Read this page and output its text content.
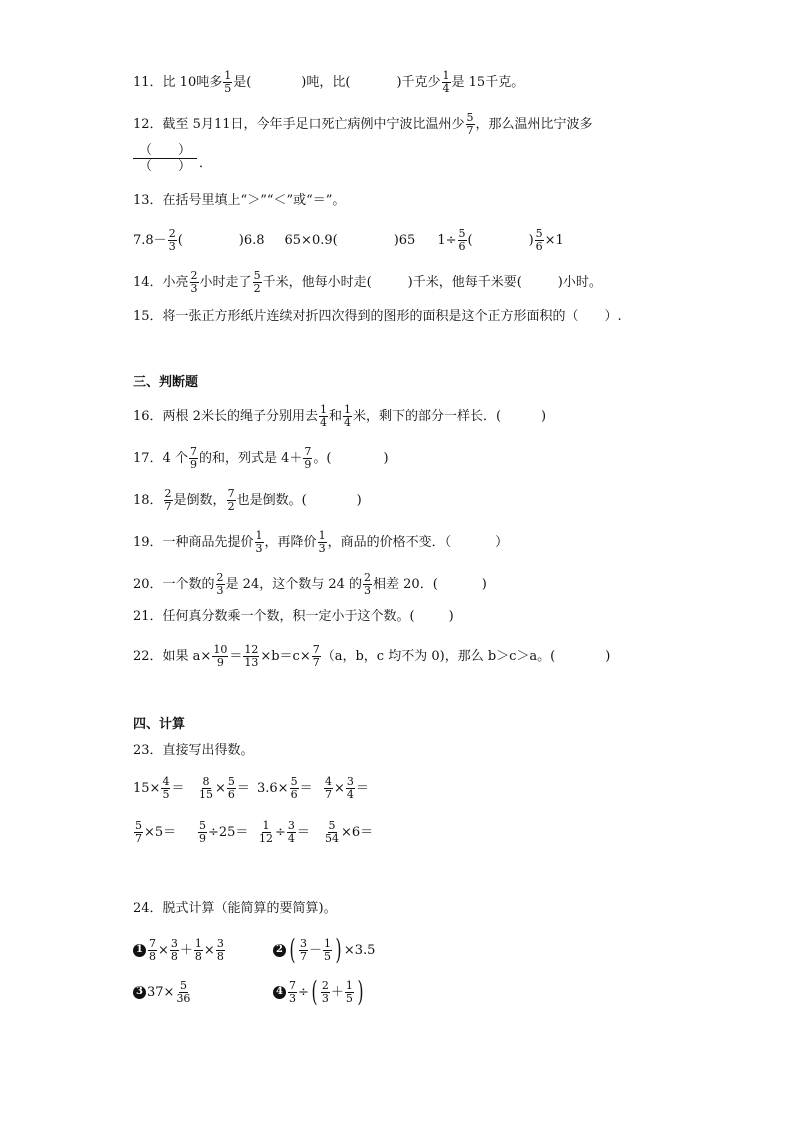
11．比 10吨多 1
5 是(	)吨，比(	)千克少 1
4 是 15千克。
12．截至 5月11日，今年手足口死亡病例中宁波比温州少 5
7 ，那么温州比宁波多
（　　）
（　　） ．
13．在括号里填上“＞”“＜”或“＝”。
7.8－ 2
3 (	)6.8 65×0.9(	)65 $1\div \frac{5}{6}$ (	) $\frac{5}{6} \times 1$
14．小亮 2
3 小时走了 5
2 千米，他每小时走(	)千米，他每千米要(	)小时。
15．将一张正方形纸片连续对折四次得到的图形的面积是这个正方形面积的（　　）.
三、判断题
16．两根 2米长的绳子分别用去 1
4 和 1
4 米，剩下的部分一样长．(	)
17．4 个 7
9 的和，列式是 4＋ 7
9 。(	)
18． 2
7 是倒数， 7
2 也是倒数。(	)
19．一种商品先提价 1
3 ，再降价 1
3 ，商品的价格不变．（	）
20．一个数的 2
3 是 24，这个数与 24 的 2
3 相差 20．(	)
21．任何真分数乘一个数，积一定小于这个数。(	)
22．如果 $a\times \frac{10}{9} = \frac{12}{13} \times b=c\times \frac{7}{7} (a$，b，c 均不为 0)，那么 b＞c＞a。(	)
四、计算
23．直接写出得数。
$15\times \frac{4}{5} = \frac{8}{15} \times \frac{5}{6} = 3.6\times \frac{5}{6} = \frac{4}{7} \times \frac{3}{4}$ ＝
$\frac{5}{7} \times 5= \frac{5}{9} \div 25= \frac{1}{12} \div \frac{3}{4} = \frac{5}{54} \times 6=$
24．脱式计算（能简算的要简算)。
$1 \frac{7}{8} \times \frac{3}{8} + \frac{1}{8} \times \frac{3}{8}$	2 ( 3
7 － 1
5 ) ×3.5
3 $37\times \frac{5}{36}$	$4 \frac{7}{3}$ ÷ ( 2
3 ＋ 1
5 )
